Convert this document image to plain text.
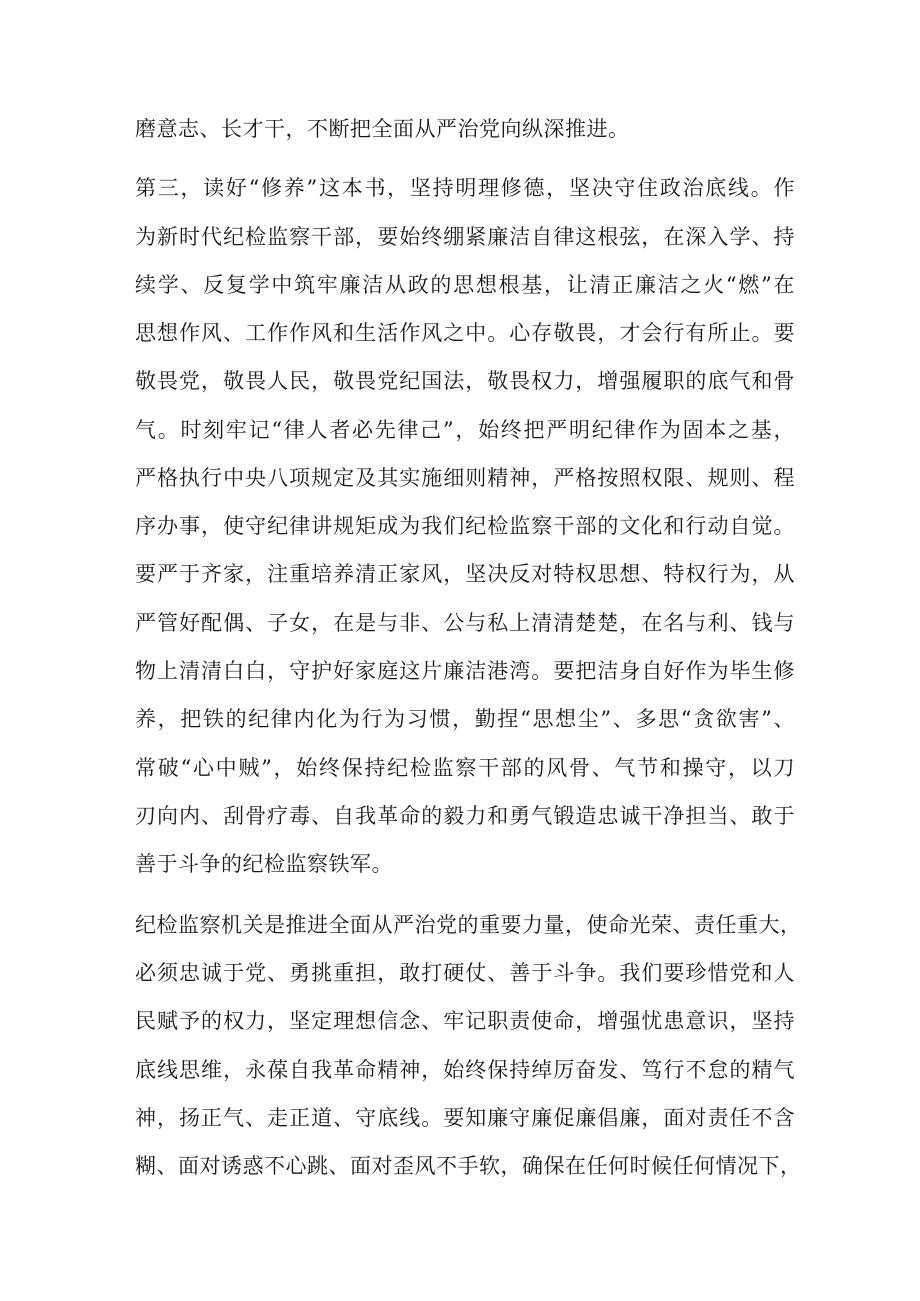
磨意志、长才干，不断把全面从严治党向纵深推进。
第三，读好“修养”这本书，坚持明理修德，坚决守住政治底线。作
为新时代纪检监察干部，要始终绷紧廉洁自律这根弦，在深入学、持
续学、反复学中筑牢廉洁从政的思想根基，让清正廉洁之火“燃”在
思想作风、工作作风和生活作风之中。心存敬畏，才会行有所止。要
敬畏党，敬畏人民，敬畏党纪国法，敬畏权力，增强履职的底气和骨
气。时刻牢记“律人者必先律己”，始终把严明纪律作为固本之基，
严格执行中央八项规定及其实施细则精神，严格按照权限、规则、程
序办事，使守纪律讲规矩成为我们纪检监察干部的文化和行动自觉。
要严于齐家，注重培养清正家风，坚决反对特权思想、特权行为，从
严管好配偶、子女，在是与非、公与私上清清楚楚，在名与利、钱与
物上清清白白，守护好家庭这片廉洁港湾。要把洁身自好作为毕生修
养，把铁的纪律内化为行为习惯，勤捏“思想尘”、多思“贪欲害”、
常破“心中贼”，始终保持纪检监察干部的风骨、气节和操守，以刀
刃向内、刮骨疗毒、自我革命的毅力和勇气锻造忠诚干净担当、敢于
善于斗争的纪检监察铁军。
纪检监察机关是推进全面从严治党的重要力量，使命光荣、责任重大，
必须忠诚于党、勇挑重担，敢打硬仗、善于斗争。我们要珍惜党和人
民赋予的权力，坚定理想信念、牢记职责使命，增强忧患意识，坚持
底线思维，永葆自我革命精神，始终保持绰厉奋发、笃行不怠的精气
神，扬正气、走正道、守底线。要知廉守廉促廉倡廉，面对责任不含
糊、面对诱惑不心跳、面对歪风不手软，确保在任何时候任何情况下，
